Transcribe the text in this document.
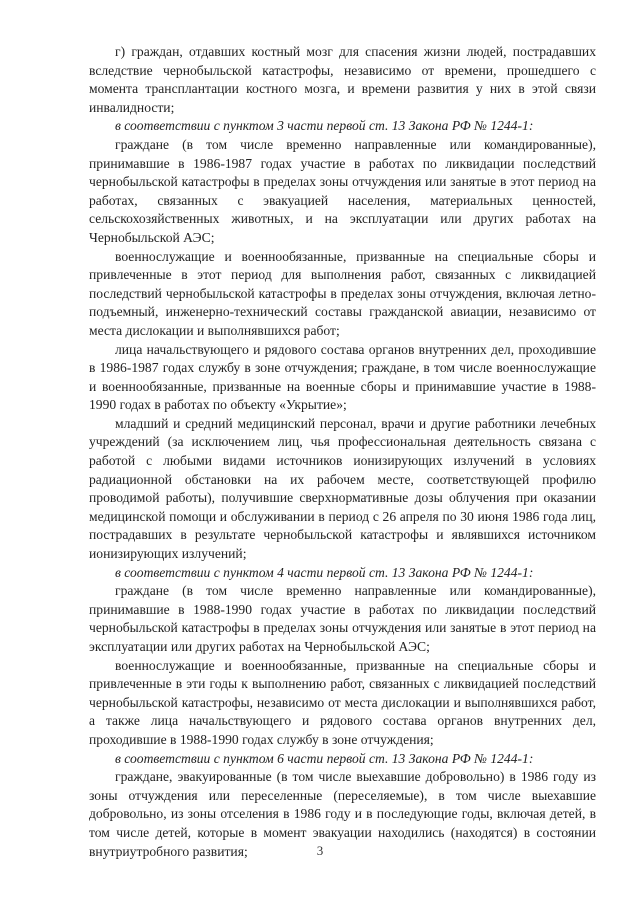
г) граждан, отдавших костный мозг для спасения жизни людей, пострадавших вследствие чернобыльской катастрофы, независимо от времени, прошедшего с момента трансплантации костного мозга, и времени развития у них в этой связи инвалидности;

в соответствии с пунктом 3 части первой ст. 13 Закона РФ № 1244-1:

граждане (в том числе временно направленные или командированные), принимавшие в 1986-1987 годах участие в работах по ликвидации последствий чернобыльской катастрофы в пределах зоны отчуждения или занятые в этот период на работах, связанных с эвакуацией населения, материальных ценностей, сельскохозяйственных животных, и на эксплуатации или других работах на Чернобыльской АЭС;

военнослужащие и военнообязанные, призванные на специальные сборы и привлеченные в этот период для выполнения работ, связанных с ликвидацией последствий чернобыльской катастрофы в пределах зоны отчуждения, включая летно-подъемный, инженерно-технический составы гражданской авиации, независимо от места дислокации и выполнявшихся работ;

лица начальствующего и рядового состава органов внутренних дел, проходившие в 1986-1987 годах службу в зоне отчуждения; граждане, в том числе военнослужащие и военнообязанные, призванные на военные сборы и принимавшие участие в 1988-1990 годах в работах по объекту «Укрытие»;

младший и средний медицинский персонал, врачи и другие работники лечебных учреждений (за исключением лиц, чья профессиональная деятельность связана с работой с любыми видами источников ионизирующих излучений в условиях радиационной обстановки на их рабочем месте, соответствующей профилю проводимой работы), получившие сверхнормативные дозы облучения при оказании медицинской помощи и обслуживании в период с 26 апреля по 30 июня 1986 года лиц, пострадавших в результате чернобыльской катастрофы и являвшихся источником ионизирующих излучений;

в соответствии с пунктом 4 части первой ст. 13 Закона РФ № 1244-1:

граждане (в том числе временно направленные или командированные), принимавшие в 1988-1990 годах участие в работах по ликвидации последствий чернобыльской катастрофы в пределах зоны отчуждения или занятые в этот период на эксплуатации или других работах на Чернобыльской АЭС;

военнослужащие и военнообязанные, призванные на специальные сборы и привлеченные в эти годы к выполнению работ, связанных с ликвидацией последствий чернобыльской катастрофы, независимо от места дислокации и выполнявшихся работ, а также лица начальствующего и рядового состава органов внутренних дел, проходившие в 1988-1990 годах службу в зоне отчуждения;

в соответствии с пунктом 6 части первой ст. 13 Закона РФ № 1244-1:

граждане, эвакуированные (в том числе выехавшие добровольно) в 1986 году из зоны отчуждения или переселенные (переселяемые), в том числе выехавшие добровольно, из зоны отселения в 1986 году и в последующие годы, включая детей, в том числе детей, которые в момент эвакуации находились (находятся) в состоянии внутриутробного развития;	3
